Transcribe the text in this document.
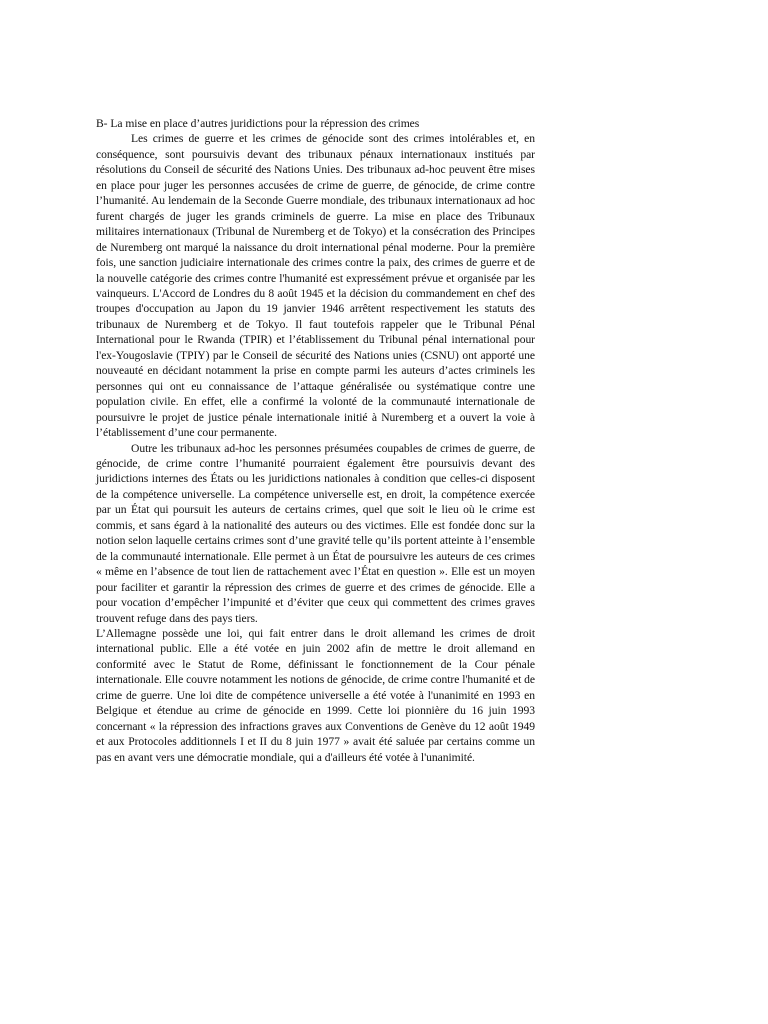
B- La mise en place d’autres juridictions pour la répression des crimes

Les crimes de guerre et les crimes de génocide sont des crimes intolérables et, en conséquence, sont poursuivis devant des tribunaux pénaux internationaux institués par résolutions du Conseil de sécurité des Nations Unies. Des tribunaux ad-hoc peuvent être mises en place pour juger les personnes accusées de crime de guerre, de génocide, de crime contre l’humanité. Au lendemain de la Seconde Guerre mondiale, des tribunaux internationaux ad hoc furent chargés de juger les grands criminels de guerre. La mise en place des Tribunaux militaires internationaux (Tribunal de Nuremberg et de Tokyo) et la consécration des Principes de Nuremberg ont marqué la naissance du droit international pénal moderne. Pour la première fois, une sanction judiciaire internationale des crimes contre la paix, des crimes de guerre et de la nouvelle catégorie des crimes contre l'humanité est expressément prévue et organisée par les vainqueurs. L'Accord de Londres du 8 août 1945 et la décision du commandement en chef des troupes d'occupation au Japon du 19 janvier 1946 arrêtent respectivement les statuts des tribunaux de Nuremberg et de Tokyo. Il faut toutefois rappeler que le Tribunal Pénal International pour le Rwanda (TPIR) et l’établissement du Tribunal pénal international pour l'ex-Yougoslavie (TPIY) par le Conseil de sécurité des Nations unies (CSNU) ont apporté une nouveauté en décidant notamment la prise en compte parmi les auteurs d’actes criminels les personnes qui ont eu connaissance de l’attaque généralisée ou systématique contre une population civile. En effet, elle a confirmé la volonté de la communauté internationale de poursuivre le projet de justice pénale internationale initié à Nuremberg et a ouvert la voie à l’établissement d’une cour permanente.

Outre les tribunaux ad-hoc les personnes présumées coupables de crimes de guerre, de génocide, de crime contre l’humanité pourraient également être poursuivis devant des juridictions internes des États ou les juridictions nationales à condition que celles-ci disposent de la compétence universelle. La compétence universelle est, en droit, la compétence exercée par un État qui poursuit les auteurs de certains crimes, quel que soit le lieu où le crime est commis, et sans égard à la nationalité des auteurs ou des victimes. Elle est fondée donc sur la notion selon laquelle certains crimes sont d’une gravité telle qu’ils portent atteinte à l’ensemble de la communauté internationale. Elle permet à un État de poursuivre les auteurs de ces crimes « même en l’absence de tout lien de rattachement avec l’État en question ». Elle est un moyen pour faciliter et garantir la répression des crimes de guerre et des crimes de génocide. Elle a pour vocation d’empêcher l’impunité et d’éviter que ceux qui commettent des crimes graves trouvent refuge dans des pays tiers.

L’Allemagne possède une loi, qui fait entrer dans le droit allemand les crimes de droit international public. Elle a été votée en juin 2002 afin de mettre le droit allemand en conformité avec le Statut de Rome, définissant le fonctionnement de la Cour pénale internationale. Elle couvre notamment les notions de génocide, de crime contre l'humanité et de crime de guerre. Une loi dite de compétence universelle a été votée à l'unanimité en 1993 en Belgique et étendue au crime de génocide en 1999. Cette loi pionnière du 16 juin 1993 concernant « la répression des infractions graves aux Conventions de Genève du 12 août 1949 et aux Protocoles additionnels I et II du 8 juin 1977 » avait été saluée par certains comme un pas en avant vers une démocratie mondiale, qui a d'ailleurs été votée à l'unanimité.
